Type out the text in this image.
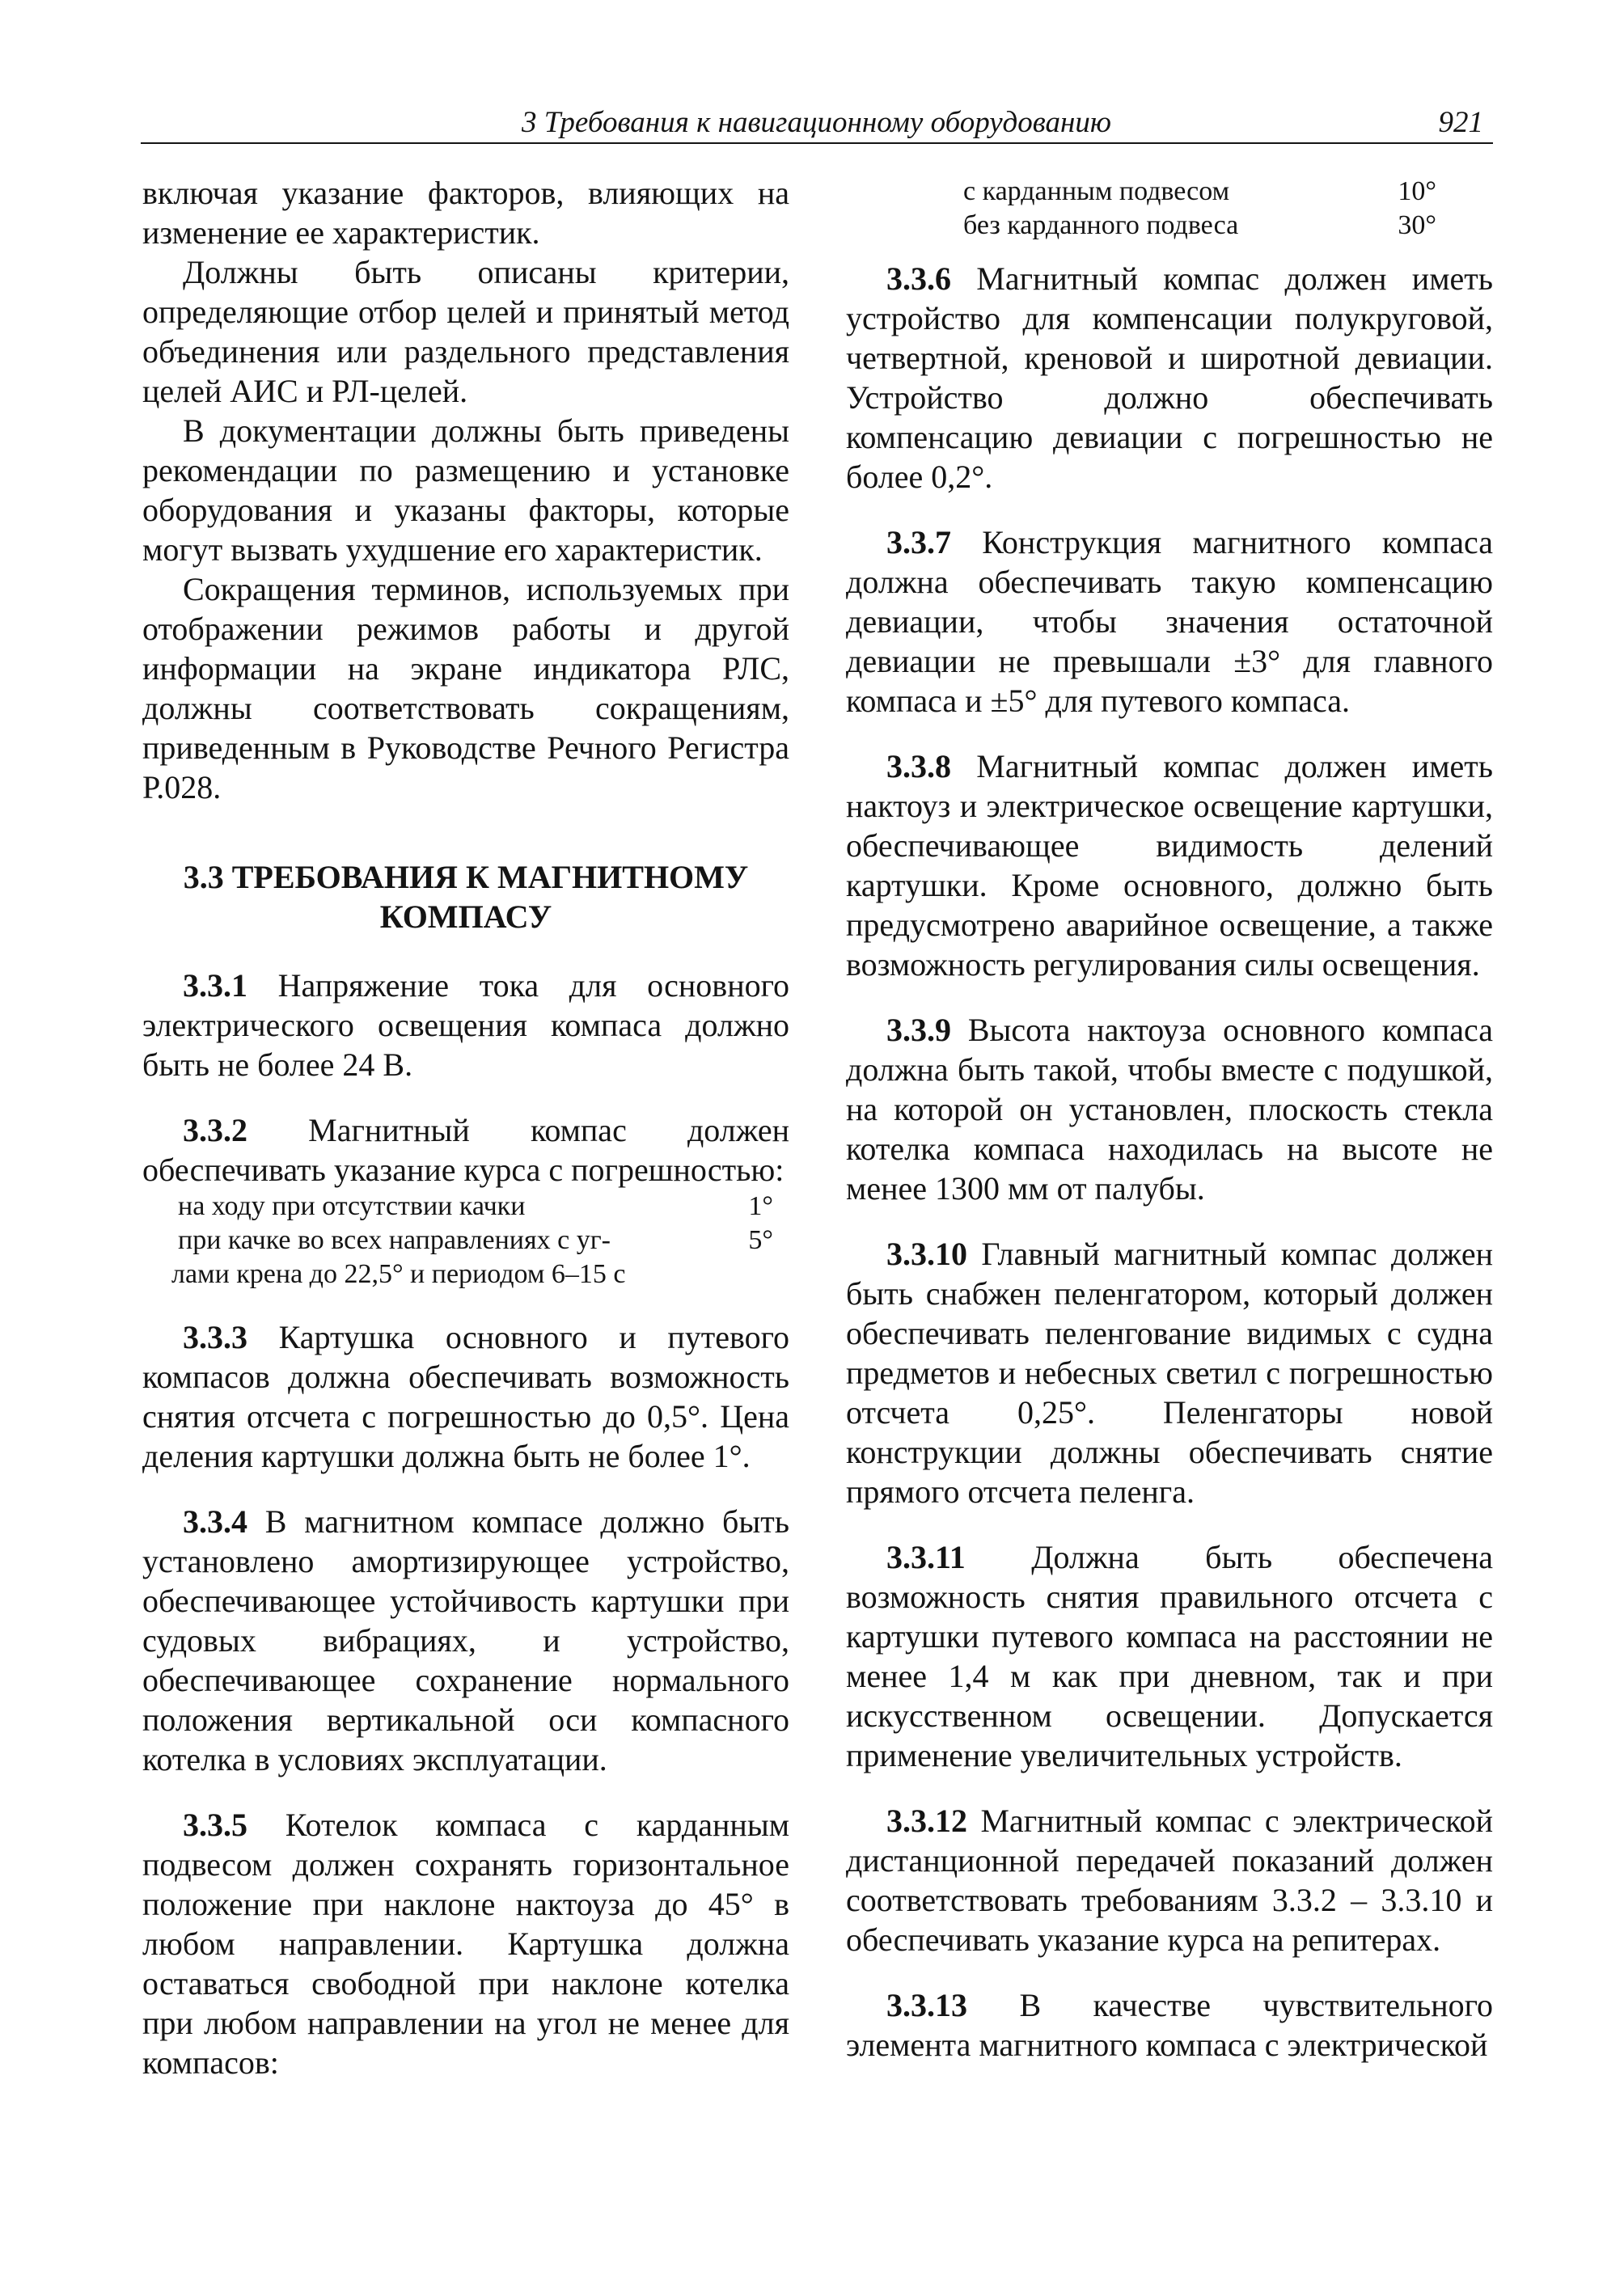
3 Требования к навигационному оборудованию	921

включая указание факторов, влияющих на изменение ее характеристик.

Должны быть описаны критерии, определяющие отбор целей и принятый метод объединения или раздельного представления целей АИС и РЛ-целей.

В документации должны быть приведены рекомендации по размещению и установке оборудования и указаны факторы, которые могут вызвать ухудшение его характеристик.

Сокращения терминов, используемых при отображении режимов работы и другой информации на экране индикатора РЛС, должны соответствовать сокращениям, приведенным в Руководстве Речного Регистра Р.028.

3.3 ТРЕБОВАНИЯ К МАГНИТНОМУ
КОМПАСУ

3.3.1 Напряжение тока для основного электрического освещения компаса должно быть не более 24 В.

3.3.2 Магнитный компас должен обеспечивать указание курса с погрешностью:

на ходу при отсутствии качки	1°
при качке во всех направлениях с уг-	5°
лами крена до 22,5° и периодом 6–15 с

3.3.3 Картушка основного и путевого компасов должна обеспечивать возможность снятия отсчета с погрешностью до 0,5°. Цена деления картушки должна быть не более 1°.

3.3.4 В магнитном компасе должно быть установлено амортизирующее устройство, обеспечивающее устойчивость картушки при судовых вибрациях, и устройство, обеспечивающее сохранение нормального положения вертикальной оси компасного котелка в условиях эксплуатации.

3.3.5 Котелок компаса с карданным подвесом должен сохранять горизонтальное положение при наклоне нактоуза до 45° в любом направлении. Картушка должна оставаться свободной при наклоне котелка при любом направлении на угол не менее для компасов:

с карданным подвесом	10°
без карданного подвеса	30°

3.3.6 Магнитный компас должен иметь устройство для компенсации полукруговой, четвертной, креновой и широтной девиации. Устройство должно обеспечивать компенсацию девиации с погрешностью не более 0,2°.

3.3.7 Конструкция магнитного компаса должна обеспечивать такую компенсацию девиации, чтобы значения остаточной девиации не превышали ±3° для главного компаса и ±5° для путевого компаса.

3.3.8 Магнитный компас должен иметь нактоуз и электрическое освещение картушки, обеспечивающее видимость делений картушки. Кроме основного, должно быть предусмотрено аварийное освещение, а также возможность регулирования силы освещения.

3.3.9 Высота нактоуза основного компаса должна быть такой, чтобы вместе с подушкой, на которой он установлен, плоскость стекла котелка компаса находилась на высоте не менее 1300 мм от палубы.

3.3.10 Главный магнитный компас должен быть снабжен пеленгатором, который должен обеспечивать пеленгование видимых с судна предметов и небесных светил с погрешностью отсчета 0,25°. Пеленгаторы новой конструкции должны обеспечивать снятие прямого отсчета пеленга.

3.3.11 Должна быть обеспечена возможность снятия правильного отсчета с картушки путевого компаса на расстоянии не менее 1,4 м как при дневном, так и при искусственном освещении. Допускается применение увеличительных устройств.

3.3.12 Магнитный компас с электрической дистанционной передачей показаний должен соответствовать требованиям 3.3.2 – 3.3.10 и обеспечивать указание курса на репитерах.

3.3.13 В качестве чувствительного элемента магнитного компаса с электрической
